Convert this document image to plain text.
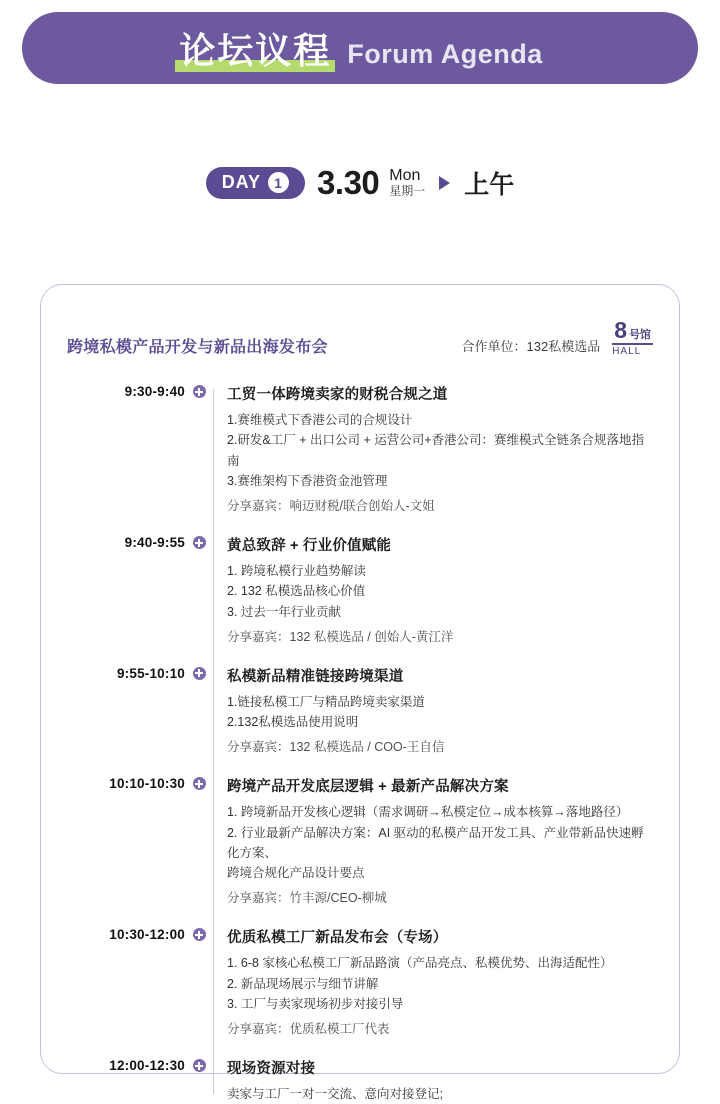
论坛议程 Forum Agenda
DAY 1 3.30 Mon
星期一 上午
跨境私模产品开发与新品出海发布会	合作单位：132私模选品
8 号馆
HALL
9:30-9:40	工贸一体跨境卖家的财税合规之道
1.赛维模式下香港公司的合规设计
2.研发&工厂 + 出口公司 + 运营公司+香港公司：赛维模式全链条合规落地指南
3.赛维架构下香港资金池管理
分享嘉宾：响迈财税/联合创始人-文姐
9:40-9:55	黄总致辞 + 行业价值赋能
1. 跨境私模行业趋势解读
2. 132 私模选品核心价值
3. 过去一年行业贡献
分享嘉宾：132 私模选品 / 创始人-黄江洋
9:55-10:10	私模新品精准链接跨境渠道
1.链接私模工厂与精品跨境卖家渠道
2.132私模选品使用说明
分享嘉宾：132 私模选品 / COO-王自信
10:10-10:30	跨境产品开发底层逻辑 + 最新产品解决方案
1. 跨境新品开发核心逻辑（需求调研→私模定位→成本核算→落地路径）
2. 行业最新产品解决方案：AI 驱动的私模产品开发工具、产业带新品快速孵化方案、
跨境合规化产品设计要点
分享嘉宾：竹丰源/CEO-柳城
10:30-12:00	优质私模工厂新品发布会（专场）
1. 6-8 家核心私模工厂新品路演（产品亮点、私模优势、出海适配性）
2. 新品现场展示与细节讲解
3. 工厂与卖家现场初步对接引导
分享嘉宾：优质私模工厂代表
12:00-12:30	现场资源对接
卖家与工厂一对一交流、意向对接登记;
